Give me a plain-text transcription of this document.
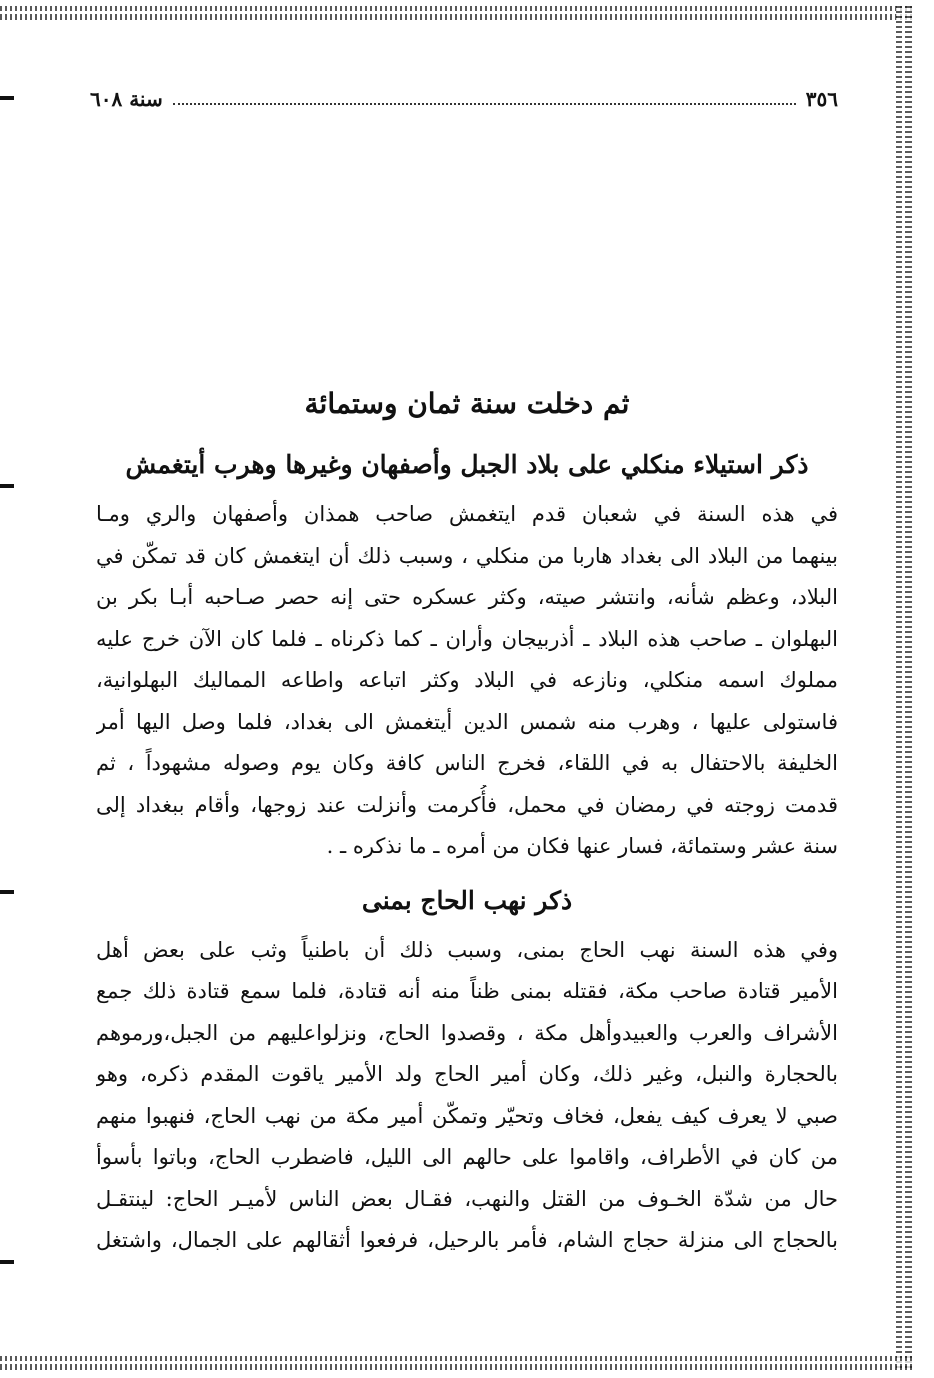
٣٥٦
سنة ٦٠٨
ثم دخلت سنة ثمان وستمائة
ذكر استيلاء منكلي على بلاد الجبل وأصفهان وغيرها وهرب أيتغمش
في هذه السنة في شعبان قدم ايتغمش صاحب همذان وأصفهان والري ومـا
بينهما من البلاد الى بغداد هاربا من منكلي ، وسبب ذلك أن ايتغمش كان قد تمكّن في
البلاد، وعظم شأنه، وانتشر صيته، وكثر عسكره حتى إنه حصر صـاحبه أبـا بكر بن
البهلوان ـ صاحب هذه البلاد ـ أذربيجان وأران ـ كما ذكرناه ـ فلما كان الآن خرج عليه
مملوك اسمه منكلي، ونازعه في البلاد وكثر اتباعه واطاعه المماليك البهلوانية،
فاستولى عليها ، وهرب منه شمس الدين أيتغمش الى بغداد، فلما وصل اليها أمر
الخليفة بالاحتفال به في اللقاء، فخرج الناس كافة وكان يوم وصوله مشهوداً ، ثم
قدمت زوجته في رمضان في محمل، فأُكرمت وأنزلت عند زوجها، وأقام ببغداد إلى
سنة عشر وستمائة، فسار عنها فكان من أمره ـ ما نذكره ـ .
ذكر نهب الحاج بمنى
وفي هذه السنة نهب الحاج بمنى، وسبب ذلك أن باطنياً وثب على بعض أهل
الأمير قتادة صاحب مكة، فقتله بمنى ظناً منه أنه قتادة، فلما سمع قتادة ذلك جمع
الأشراف والعرب والعبيدوأهل مكة ، وقصدوا الحاج، ونزلواعليهم من الجبل،ورموهم
بالحجارة والنبل، وغير ذلك، وكان أمير الحاج ولد الأمير ياقوت المقدم ذكره، وهو
صبي لا يعرف كيف يفعل، فخاف وتحيّر وتمكّن أمير مكة من نهب الحاج، فنهبوا منهم
من كان في الأطراف، واقاموا على حالهم الى الليل، فاضطرب الحاج، وباتوا بأسوأ
حال من شدّة الخـوف من القتل والنهب، فقـال بعض الناس لأميـر الحاج: لينتقـل
بالحجاج الى منزلة حجاج الشام، فأمر بالرحيل، فرفعوا أثقالهم على الجمال، واشتغل
